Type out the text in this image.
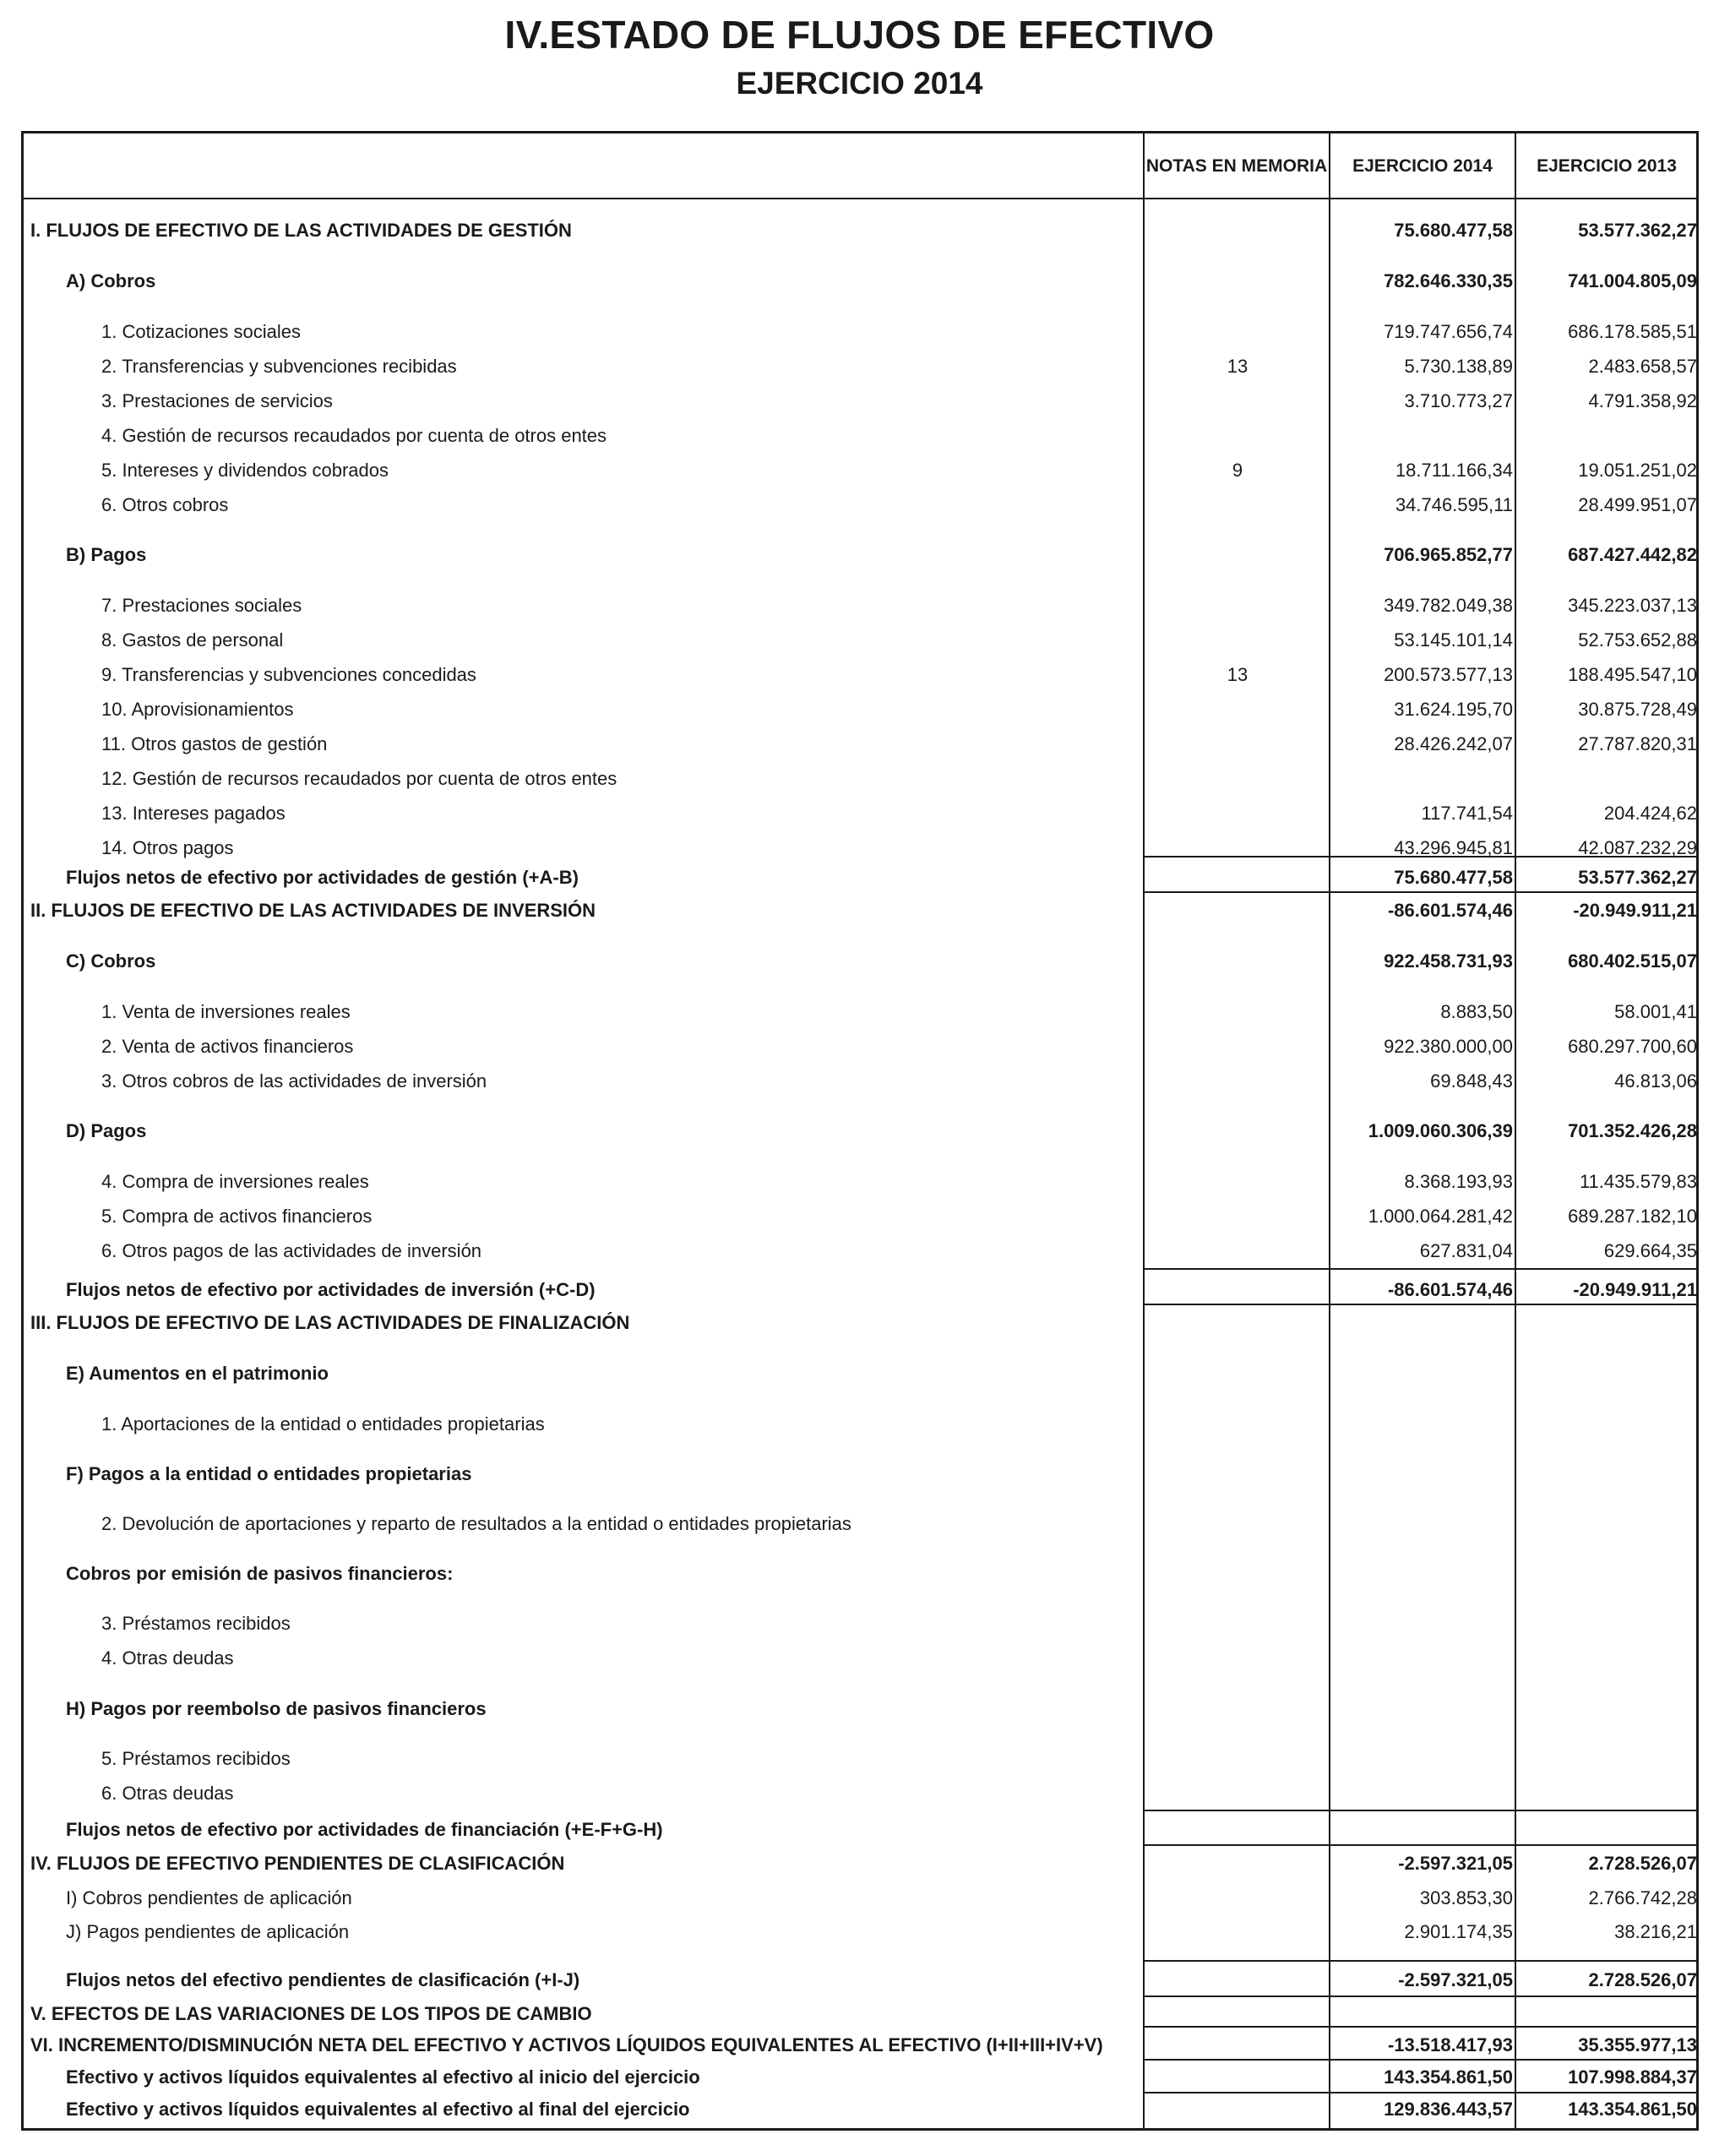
IV.ESTADO DE FLUJOS DE EFECTIVO
EJERCICIO 2014
NOTAS EN MEMORIA	EJERCICIO 2014	EJERCICIO 2013
I. FLUJOS DE EFECTIVO DE LAS ACTIVIDADES DE GESTIÓN	75.680.477,58	53.577.362,27
A) Cobros	782.646.330,35	741.004.805,09
1. Cotizaciones sociales	719.747.656,74	686.178.585,51
2. Transferencias y subvenciones recibidas	13	5.730.138,89	2.483.658,57
3. Prestaciones de servicios	3.710.773,27	4.791.358,92
4. Gestión de recursos recaudados por cuenta de otros entes
5. Intereses y dividendos cobrados	9	18.711.166,34	19.051.251,02
6. Otros cobros	34.746.595,11	28.499.951,07
B) Pagos	706.965.852,77	687.427.442,82
7. Prestaciones sociales	349.782.049,38	345.223.037,13
8. Gastos de personal	53.145.101,14	52.753.652,88
9. Transferencias y subvenciones concedidas	13	200.573.577,13	188.495.547,10
10. Aprovisionamientos	31.624.195,70	30.875.728,49
11. Otros gastos de gestión	28.426.242,07	27.787.820,31
12. Gestión de recursos recaudados por cuenta de otros entes
13. Intereses pagados	117.741,54	204.424,62
14. Otros pagos	43.296.945,81	42.087.232,29
Flujos netos de efectivo por actividades de gestión (+A-B)	75.680.477,58	53.577.362,27
II. FLUJOS DE EFECTIVO DE LAS ACTIVIDADES DE INVERSIÓN	-86.601.574,46	-20.949.911,21
C) Cobros	922.458.731,93	680.402.515,07
1. Venta de inversiones reales	8.883,50	58.001,41
2. Venta de activos financieros	922.380.000,00	680.297.700,60
3. Otros cobros de las actividades de inversión	69.848,43	46.813,06
D) Pagos	1.009.060.306,39	701.352.426,28
4. Compra de inversiones reales	8.368.193,93	11.435.579,83
5. Compra de activos financieros	1.000.064.281,42	689.287.182,10
6. Otros pagos de las actividades de inversión	627.831,04	629.664,35
Flujos netos de efectivo por actividades de inversión (+C-D)	-86.601.574,46	-20.949.911,21
III. FLUJOS DE EFECTIVO DE LAS ACTIVIDADES DE FINALIZACIÓN
E) Aumentos en el patrimonio
1. Aportaciones de la entidad o entidades propietarias
F) Pagos a la entidad o entidades propietarias
2. Devolución de aportaciones y reparto de resultados a la entidad o entidades propietarias
Cobros por emisión de pasivos financieros:
3. Préstamos recibidos
4. Otras deudas
H) Pagos por reembolso de pasivos financieros
5. Préstamos recibidos
6. Otras deudas
Flujos netos de efectivo por actividades de financiación (+E-F+G-H)
IV. FLUJOS DE EFECTIVO PENDIENTES DE CLASIFICACIÓN	-2.597.321,05	2.728.526,07
I) Cobros pendientes de aplicación	303.853,30	2.766.742,28
J) Pagos pendientes de aplicación	2.901.174,35	38.216,21
Flujos netos del efectivo pendientes de clasificación (+I-J)	-2.597.321,05	2.728.526,07
V. EFECTOS DE LAS VARIACIONES DE LOS TIPOS DE CAMBIO
VI. INCREMENTO/DISMINUCIÓN NETA DEL EFECTIVO Y ACTIVOS LÍQUIDOS EQUIVALENTES AL EFECTIVO (I+II+III+IV+V)	-13.518.417,93	35.355.977,13
Efectivo y activos líquidos equivalentes al efectivo al inicio del ejercicio	143.354.861,50	107.998.884,37
Efectivo y activos líquidos equivalentes al efectivo al final del ejercicio	129.836.443,57	143.354.861,50
